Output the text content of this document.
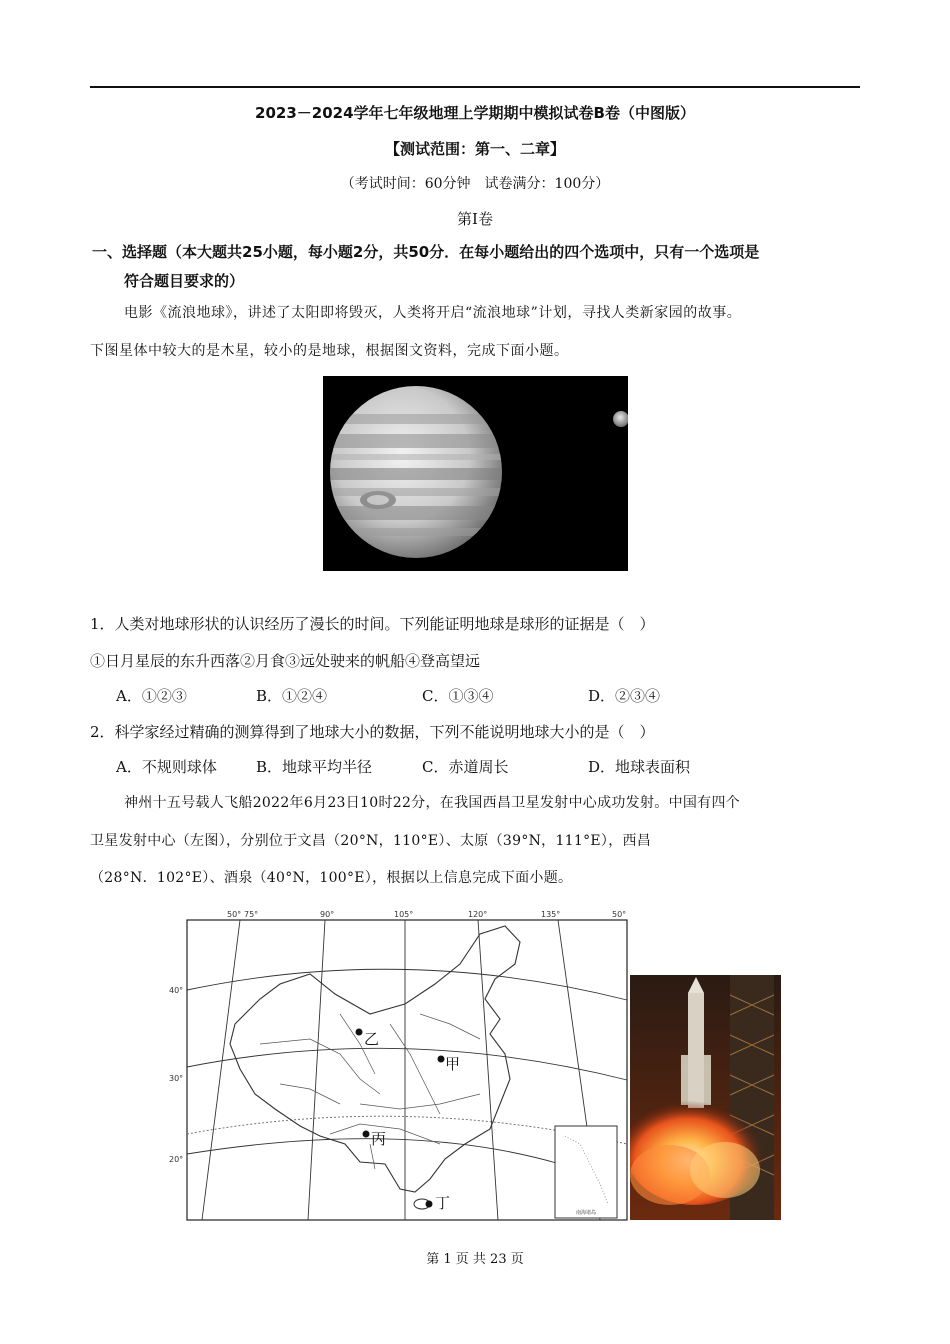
2023－2024学年七年级地理上学期期中模拟试卷B卷（中图版）
【测试范围：第一、二章】
（考试时间：60分钟　试卷满分：100分）
第Ⅰ卷
一、选择题（本大题共25小题，每小题2分，共50分．在每小题给出的四个选项中，只有一个选项是
符合题目要求的）
电影《流浪地球》，讲述了太阳即将毁灭，人类将开启“流浪地球”计划，寻找人类新家园的故事。
下图星体中较大的是木星，较小的是地球，根据图文资料，完成下面小题。
1．人类对地球形状的认识经历了漫长的时间。下列能证明地球是球形的证据是（　）
①日月星辰的东升西落②月食③远处驶来的帆船④登高望远
A．①②③	B．①②④	C．①③④	D．②③④
2．科学家经过精确的测算得到了地球大小的数据，下列不能说明地球大小的是（　）
A．不规则球体	B．地球平均半径	C．赤道周长	D．地球表面积
神州十五号载人飞船2022年6月23日10时22分，在我国西昌卫星发射中心成功发射。中国有四个
卫星发射中心（左图），分别位于文昌（20°N，110°E）、太原（39°N，111°E），西昌
（28°N．102°E）、酒泉（40°N，100°E），根据以上信息完成下面小题。
南海诸岛
乙
甲
丙
丁
50° 75°	90°	105°	120°	135°	50°
40°
30°
20°
第 1 页 共 23 页
